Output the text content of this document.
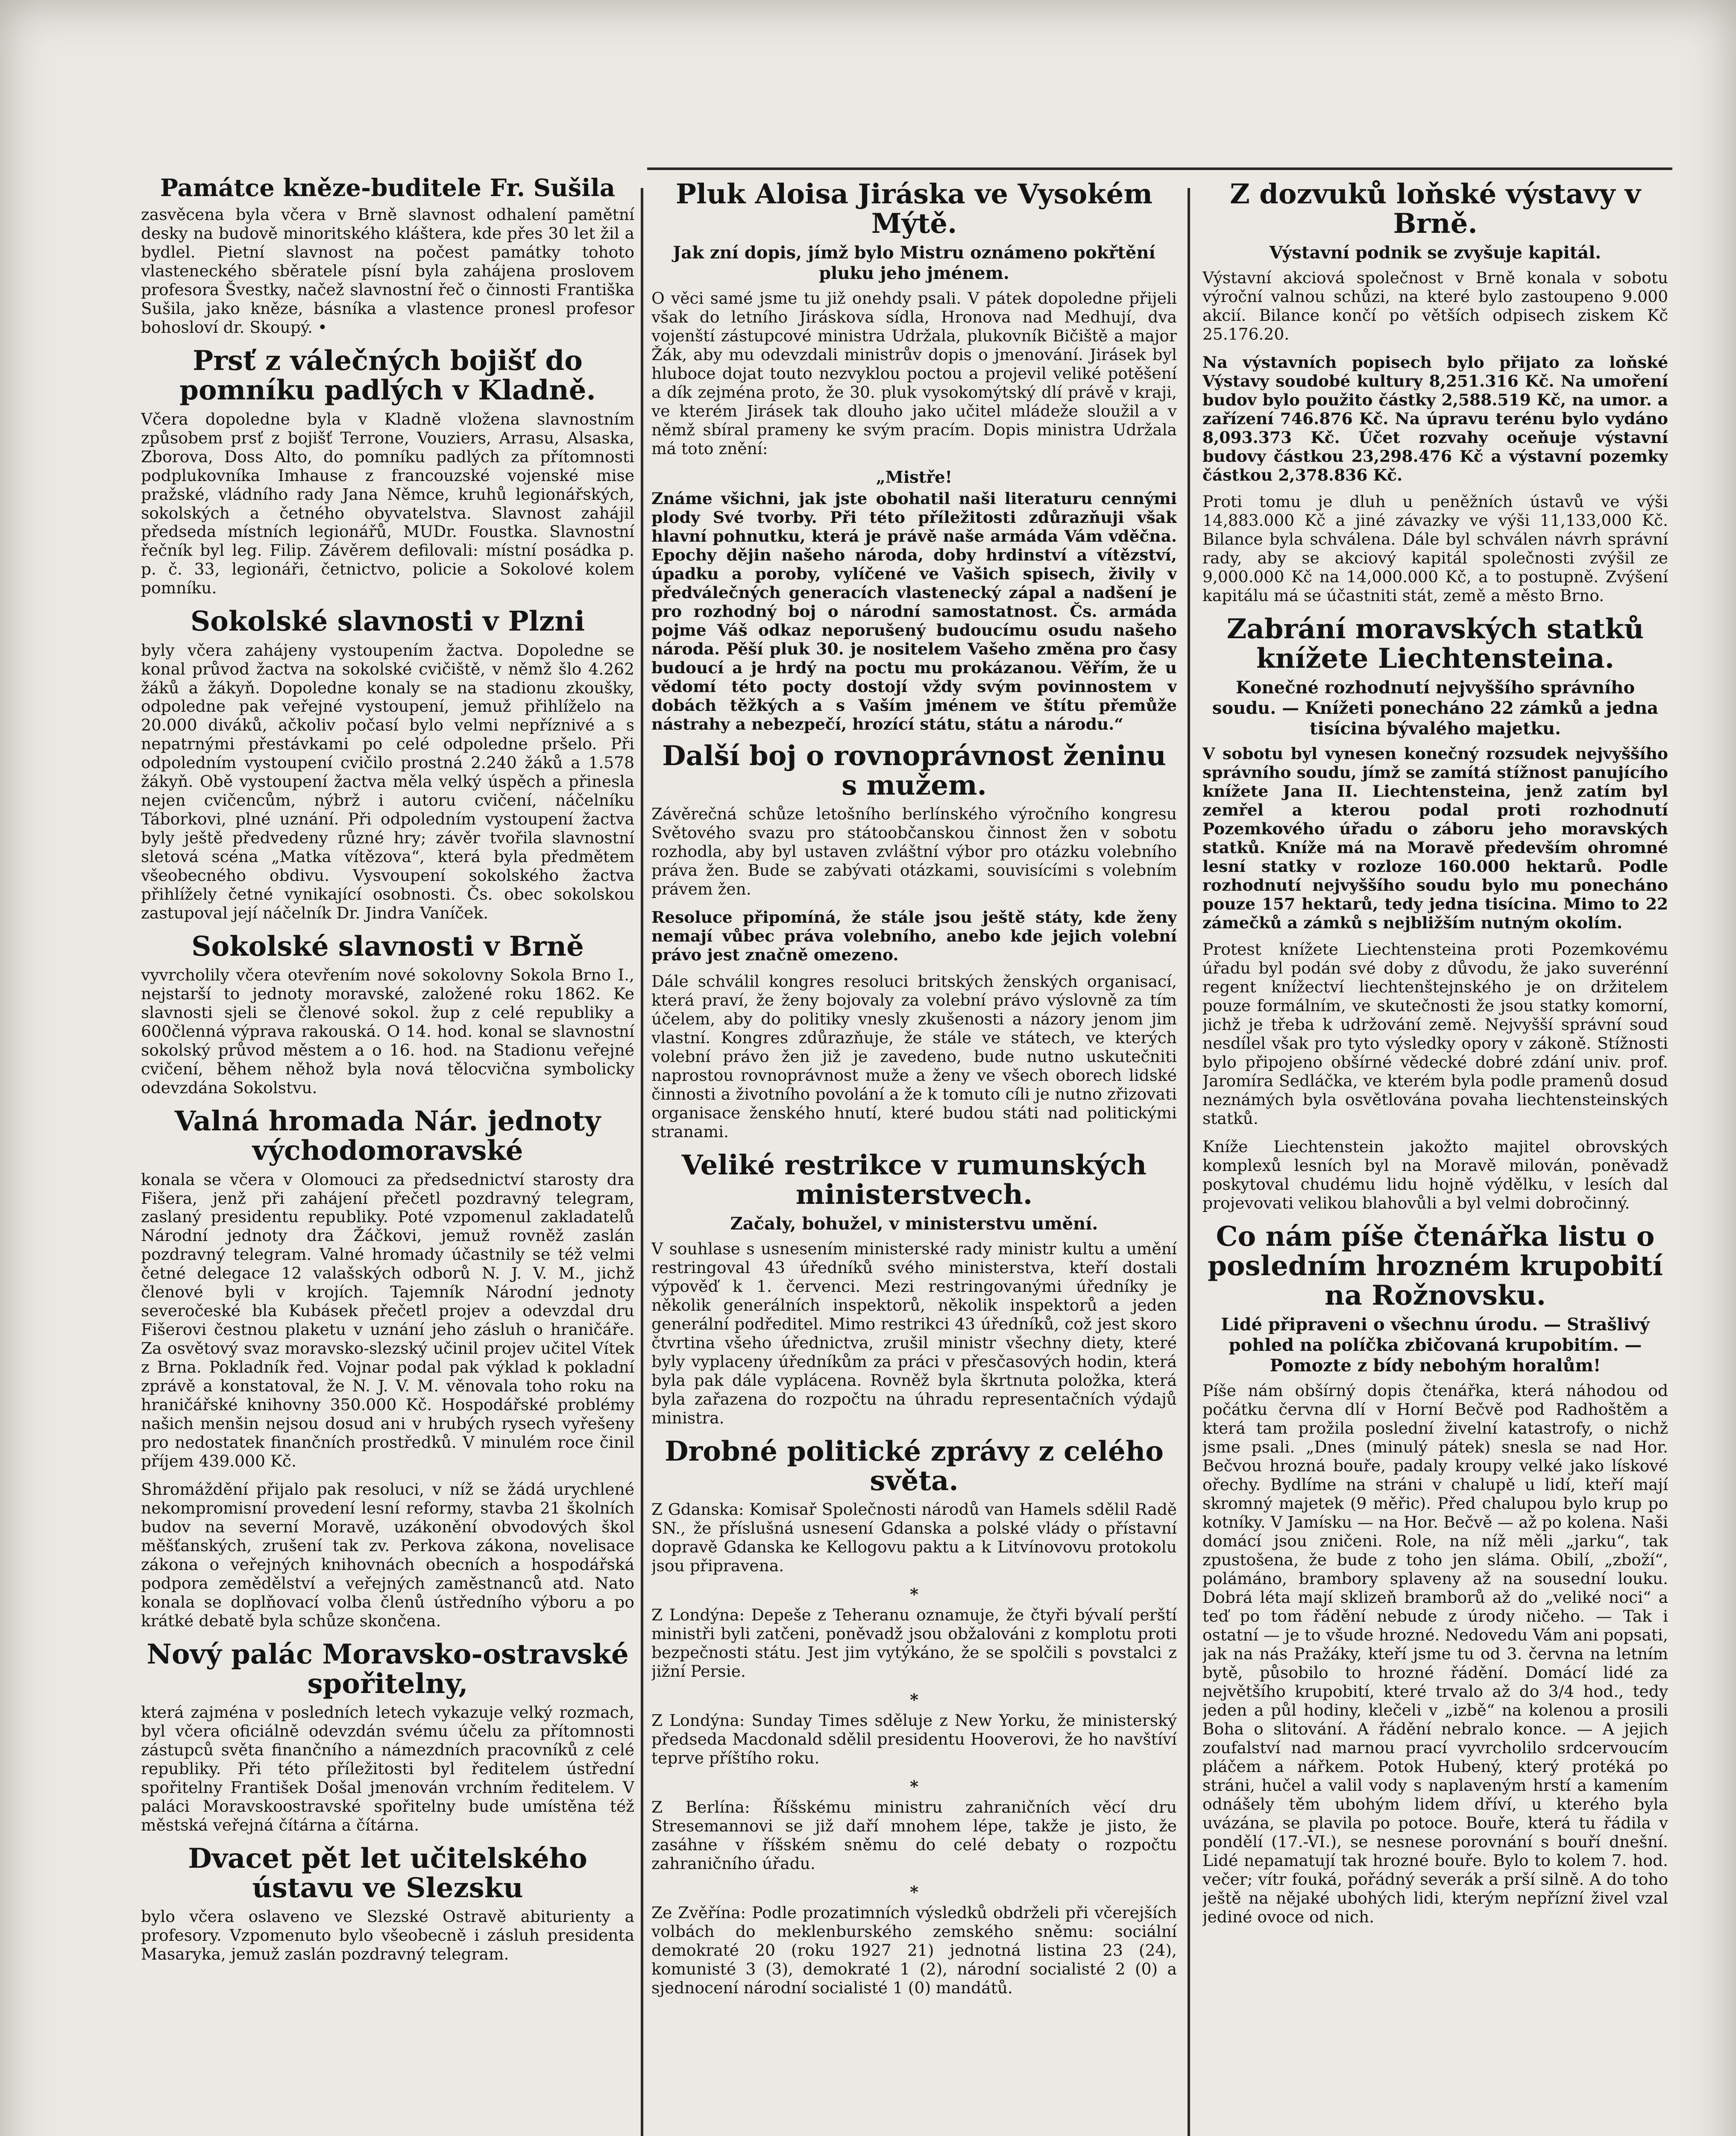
Památce kněze-buditele Fr. Sušila

zasvěcena byla včera v Brně slavnost odhalení pamětní desky na budově minoritského kláštera, kde přes 30 let žil a bydlel. Pietní slavnost na počest památky tohoto vlasteneckého sběratele písní byla zahájena proslovem profesora Švestky, načež slavnostní řeč o činnosti Františka Sušila, jako kněze, básníka a vlastence pronesl profesor bohosloví dr. Skoupý. •

Prsť z válečných bojišť do pomníku padlých v Kladně.

Včera dopoledne byla v Kladně vložena slavnostním způsobem prsť z bojišť Terrone, Vouziers, Arrasu, Alsaska, Zborova, Doss Alto, do pomníku padlých za přítomnosti podplukovníka Imhause z francouzské vojenské mise pražské, vládního rady Jana Němce, kruhů legionářských, sokolských a četného obyvatelstva. Slavnost zahájil předseda místních legionářů, MUDr. Foustka. Slavnostní řečník byl leg. Filip. Závěrem defilovali: místní posádka p. p. č. 33, legionáři, četnictvo, policie a Sokolové kolem pomníku.

Sokolské slavnosti v Plzni

byly včera zahájeny vystoupením žactva. Dopoledne se konal průvod žactva na sokolské cvičiště, v němž šlo 4.262 žáků a žákyň. Dopoledne konaly se na stadionu zkoušky, odpoledne pak veřejné vystoupení, jemuž přihlíželo na 20.000 diváků, ačkoliv počasí bylo velmi nepříznivé a s nepatrnými přestávkami po celé odpoledne pršelo. Při odpoledním vystoupení cvičilo prostná 2.240 žáků a 1.578 žákyň. Obě vystoupení žactva měla velký úspěch a přinesla nejen cvičencům, nýbrž i autoru cvičení, náčelníku Táborkovi, plné uznání. Při odpoledním vystoupení žactva byly ještě předvedeny různé hry; závěr tvořila slavnostní sletová scéna „Matka vítězova“, která byla předmětem všeobecného obdivu. Vysvoupení sokolského žactva přihlížely četné vynikající osobnosti. Čs. obec sokolskou zastupoval její náčelník Dr. Jindra Vaníček.

Sokolské slavnosti v Brně

vyvrcholily včera otevřením nové sokolovny Sokola Brno I., nejstarší to jednoty moravské, založené roku 1862. Ke slavnosti sjeli se členové sokol. žup z celé republiky a 600členná výprava rakouská. O 14. hod. konal se slavnostní sokolský průvod městem a o 16. hod. na Stadionu veřejné cvičení, během něhož byla nová tělocvična symbolicky odevzdána Sokolstvu.

Valná hromada Nár. jednoty východomoravské

konala se včera v Olomouci za předsednictví starosty dra Fišera, jenž při zahájení přečetl pozdravný telegram, zaslaný presidentu republiky. Poté vzpomenul zakladatelů Národní jednoty dra Žáčkovi, jemuž rovněž zaslán pozdravný telegram. Valné hromady účastnily se též velmi četné delegace 12 valašských odborů N. J. V. M., jichž členové byli v krojích. Tajemník Národní jednoty severočeské bla Kubásek přečetl projev a odevzdal dru Fišerovi čestnou plaketu v uznání jeho zásluh o hraničáře. Za osvětový svaz moravsko-slezský učinil projev učitel Vítek z Brna. Pokladník řed. Vojnar podal pak výklad k pokladní zprávě a konstatoval, že N. J. V. M. věnovala toho roku na hraničářské knihovny 350.000 Kč. Hospodářské problémy našich menšin nejsou dosud ani v hrubých rysech vyřešeny pro nedostatek finančních prostředků. V minulém roce činil příjem 439.000 Kč.

Shromáždění přijalo pak resoluci, v níž se žádá urychlené nekompromisní provedení lesní reformy, stavba 21 školních budov na severní Moravě, uzákonění obvodových škol měšťanských, zrušení tak zv. Perkova zákona, novelisace zákona o veřejných knihovnách obecních a hospodářská podpora zemědělství a veřejných zaměstnanců atd. Nato konala se doplňovací volba členů ústředního výboru a po krátké debatě byla schůze skončena.

Nový palác Moravsko-ostravské spořitelny,

která zajména v posledních letech vykazuje velký rozmach, byl včera oficiálně odevzdán svému účelu za přítomnosti zástupců světa finančního a námezdních pracovníků z celé republiky. Při této příležitosti byl ředitelem ústřední spořitelny František Došal jmenován vrchním ředitelem. V paláci Moravskoostravské spořitelny bude umístěna též městská veřejná čítárna a čítárna.

Dvacet pět let učitelského ústavu ve Slezsku

bylo včera oslaveno ve Slezské Ostravě abiturienty a profesory. Vzpomenuto bylo všeobecně i zásluh presidenta Masaryka, jemuž zaslán pozdravný telegram.

Pluk Aloisa Jiráska ve Vysokém Mýtě.
Jak zní dopis, jímž bylo Mistru oznámeno pokřtění pluku jeho jménem.

O věci samé jsme tu již onehdy psali. V pátek dopoledne přijeli však do letního Jiráskova sídla, Hronova nad Medhují, dva vojenští zástupcové ministra Udržala, plukovník Bičiště a major Žák, aby mu odevzdali ministrův dopis o jmenování. Jirásek byl hluboce dojat touto nezvyklou poctou a projevil veliké potěšení a dík zejména proto, že 30. pluk vysokomýtský dlí právě v kraji, ve kterém Jirásek tak dlouho jako učitel mládeže sloužil a v němž sbíral prameny ke svým pracím. Dopis ministra Udržala má toto znění:

„Mistře!

Známe všichni, jak jste obohatil naši literaturu cennými plody Své tvorby. Při této příležitosti zdůrazňuji však hlavní pohnutku, která je právě naše armáda Vám vděčna. Epochy dějin našeho národa, doby hrdinství a vítězství, úpadku a poroby, vylíčené ve Vašich spisech, živily v předválečných generacích vlastenecký zápal a nadšení je pro rozhodný boj o národní samostatnost. Čs. armáda pojme Váš odkaz neporušený budoucímu osudu našeho národa. Pěší pluk 30. je nositelem Vašeho změna pro časy budoucí a je hrdý na poctu mu prokázanou. Věřím, že u vědomí této pocty dostojí vždy svým povinnostem v dobách těžkých a s Vaším jménem ve štítu přemůže nástrahy a nebezpečí, hrozící státu, státu a národu.“

Další boj o rovnoprávnost ženinu s mužem.

Závěrečná schůze letošního berlínského výročního kongresu Světového svazu pro státoobčanskou činnost žen v sobotu rozhodla, aby byl ustaven zvláštní výbor pro otázku volebního práva žen. Bude se zabývati otázkami, souvisícími s volebním právem žen.

Resoluce připomíná, že stále jsou ještě státy, kde ženy nemají vůbec práva volebního, anebo kde jejich volební právo jest značně omezeno.

Dále schválil kongres resoluci britských ženských organisací, která praví, že ženy bojovaly za volební právo výslovně za tím účelem, aby do politiky vnesly zkušenosti a názory jenom jim vlastní. Kongres zdůrazňuje, že stále ve státech, ve kterých volební právo žen již je zavedeno, bude nutno uskutečniti naprostou rovnoprávnost muže a ženy ve všech oborech lidské činnosti a životního povolání a že k tomuto cíli je nutno zřizovati organisace ženského hnutí, které budou státi nad politickými stranami.

Veliké restrikce v rumunských ministerstvech.
Začaly, bohužel, v ministerstvu umění.

V souhlase s usnesením ministerské rady ministr kultu a umění restringoval 43 úředníků svého ministerstva, kteří dostali výpověď k 1. červenci. Mezi restringovanými úředníky je několik generálních inspektorů, několik inspektorů a jeden generální podředitel. Mimo restrikci 43 úředníků, což jest skoro čtvrtina všeho úřednictva, zrušil ministr všechny diety, které byly vyplaceny úředníkům za práci v přesčasových hodin, která byla pak dále vyplácena. Rovněž byla škrtnuta položka, která byla zařazena do rozpočtu na úhradu representačních výdajů ministra.

Drobné politické zprávy z celého světa.

Z Gdanska: Komisař Společnosti národů van Hamels sdělil Radě SN., že příslušná usnesení Gdanska a polské vlády o přístavní dopravě Gdanska ke Kellogovu paktu a k Litvínovovu protokolu jsou připravena.

*

Z Londýna: Depeše z Teheranu oznamuje, že čtyři bývalí perští ministři byli zatčeni, poněvadž jsou obžalováni z komplotu proti bezpečnosti státu. Jest jim vytýkáno, že se spolčili s povstalci z jižní Persie.

*

Z Londýna: Sunday Times sděluje z New Yorku, že ministerský předseda Macdonald sdělil presidentu Hooverovi, že ho navštíví teprve příštího roku.

*

Z Berlína: Říšskému ministru zahraničních věcí dru Stresemannovi se již daří mnohem lépe, takže je jisto, že zasáhne v říšském sněmu do celé debaty o rozpočtu zahraničního úřadu.

*

Ze Zvěřína: Podle prozatimních výsledků obdrželi při včerejších volbách do meklenburského zemského sněmu: sociální demokraté 20 (roku 1927 21) jednotná listina 23 (24), komunisté 3 (3), demokraté 1 (2), národní socialisté 2 (0) a sjednocení národní socialisté 1 (0) mandátů.

Z dozvuků loňské výstavy v Brně.
Výstavní podnik se zvyšuje kapitál.

Výstavní akciová společnost v Brně konala v sobotu výroční valnou schůzi, na které bylo zastoupeno 9.000 akcií. Bilance končí po větších odpisech ziskem Kč 25.176.20.

Na výstavních popisech bylo přijato za loňské Výstavy soudobé kultury 8,251.316 Kč. Na umoření budov bylo použito částky 2,588.519 Kč, na umor. a zařízení 746.876 Kč. Na úpravu terénu bylo vydáno 8,093.373 Kč. Účet rozvahy oceňuje výstavní budovy částkou 23,298.476 Kč a výstavní pozemky částkou 2,378.836 Kč.

Proti tomu je dluh u peněžních ústavů ve výši 14,883.000 Kč a jiné závazky ve výši 11,133,000 Kč. Bilance byla schválena. Dále byl schválen návrh správní rady, aby se akciový kapitál společnosti zvýšil ze 9,000.000 Kč na 14,000.000 Kč, a to postupně. Zvýšení kapitálu má se účastniti stát, země a město Brno.

Zabrání moravských statků knížete Liechtensteina.
Konečné rozhodnutí nejvyššího správního soudu. — Knížeti ponecháno 22 zámků a jedna tisícina bývalého majetku.

V sobotu byl vynesen konečný rozsudek nejvyššího správního soudu, jímž se zamítá stížnost panujícího knížete Jana II. Liechtensteina, jenž zatím byl zemřel a kterou podal proti rozhodnutí Pozemkového úřadu o záboru jeho moravských statků. Kníže má na Moravě především ohromné lesní statky v rozloze 160.000 hektarů. Podle rozhodnutí nejvyššího soudu bylo mu ponecháno pouze 157 hektarů, tedy jedna tisícina. Mimo to 22 zámečků a zámků s nejbližším nutným okolím.

Protest knížete Liechtensteina proti Pozemkovému úřadu byl podán své doby z důvodu, že jako suverénní regent knížectví liechtenštejnského je on držitelem pouze formálním, ve skutečnosti že jsou statky komorní, jichž je třeba k udržování země. Nejvyšší správní soud nesdílel však pro tyto výsledky opory v zákoně. Stížnosti bylo připojeno obšírné vědecké dobré zdání univ. prof. Jaromíra Sedláčka, ve kterém byla podle pramenů dosud neznámých byla osvětlována povaha liechtensteinských statků.

Kníže Liechtenstein jakožto majitel obrovských komplexů lesních byl na Moravě milován, poněvadž poskytoval chudému lidu hojně výdělku, v lesích dal projevovati velikou blahovůli a byl velmi dobročinný.

Co nám píše čtenářka listu o posledním hrozném krupobití na Rožnovsku.
Lidé připraveni o všechnu úrodu. — Strašlivý pohled na políčka zbičovaná krupobitím. — Pomozte z bídy nebohým horalům!

Píše nám obšírný dopis čtenářka, která náhodou od počátku června dlí v Horní Bečvě pod Radhoštěm a která tam prožila poslední živelní katastrofy, o nichž jsme psali. „Dnes (minulý pátek) snesla se nad Hor. Bečvou hrozná bouře, padaly kroupy velké jako lískové ořechy. Bydlíme na stráni v chalupě u lidí, kteří mají skromný majetek (9 měřic). Před chalupou bylo krup po kotníky. V Jamísku — na Hor. Bečvě — až po kolena. Naši domácí jsou zničeni. Role, na níž měli „jarku“, tak zpustošena, že bude z toho jen sláma. Obilí, „zboží“, polámáno, brambory splaveny až na sousední louku. Dobrá léta mají sklizeň bramborů až do „veliké noci“ a teď po tom řádění nebude z úrody ničeho. — Tak i ostatní — je to všude hrozné. Nedovedu Vám ani popsati, jak na nás Pražáky, kteří jsme tu od 3. června na letním bytě, působilo to hrozné řádění. Domácí lidé za největšího krupobití, které trvalo až do 3/4 hod., tedy jeden a půl hodiny, klečeli v „izbě“ na kolenou a prosili Boha o slitování. A řádění nebralo konce. — A jejich zoufalství nad marnou prací vyvrcholilo srdcervoucím pláčem a nářkem. Potok Hubený, který protéká po stráni, hučel a valil vody s naplaveným hrstí a kamením odnášely těm ubohým lidem dříví, u kterého byla uvázána, se plavila po potoce. Bouře, která tu řádila v pondělí (17.-VI.), se nesnese porovnání s bouří dnešní. Lidé nepamatují tak hrozné bouře. Bylo to kolem 7. hod. večer; vítr fouká, pořádný severák a prší silně. A do toho ještě na nějaké ubohých lidi, kterým nepřízní živel vzal jediné ovoce od nich.
